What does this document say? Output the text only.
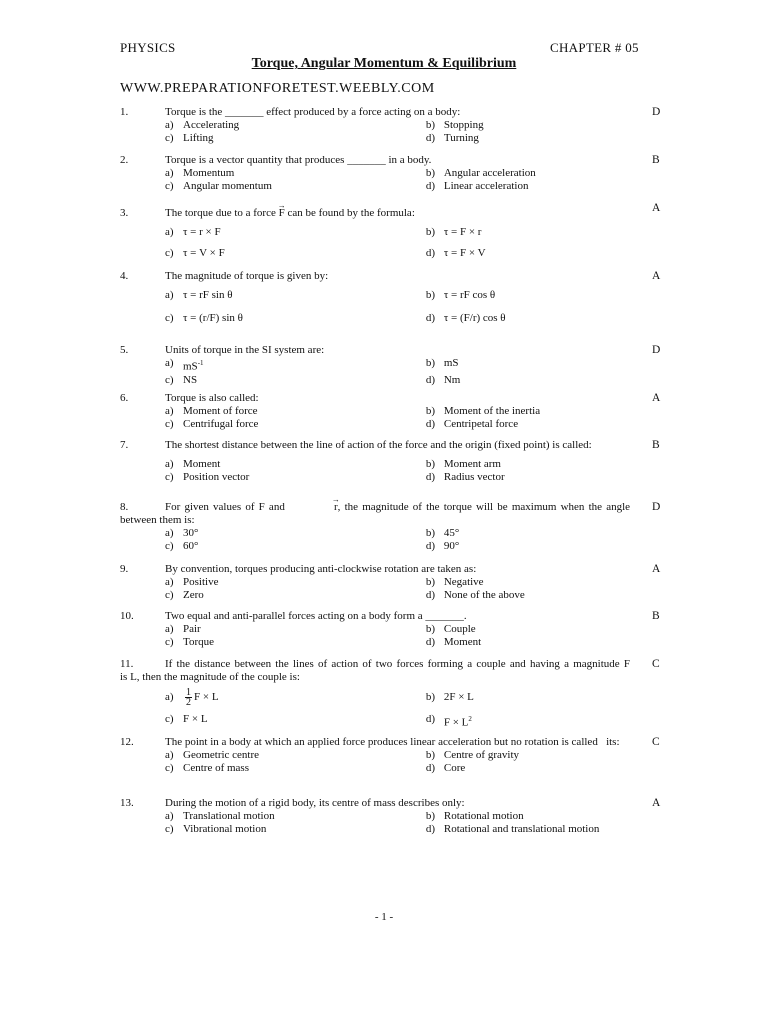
PHYSICS	CHAPTER # 05
Torque, Angular Momentum & Equilibrium
WWW.PREPARATIONFORETEST.WEEBLY.COM
1.	Torque is the _______ effect produced by a force acting on a body:	D
a) Accelerating	b) Stopping
c) Lifting	d) Turning
2.	Torque is a vector quantity that produces _______ in a body.	B
a) Momentum	b) Angular acceleration
c) Angular momentum	d) Linear acceleration
3.	The torque due to a force → F can be found by the formula:	A
a) τ = r × F	b) τ = F × r
c) τ = V × F	d) τ = F × V
4.	The magnitude of torque is given by:	A
a) τ = rF sin θ	b) τ = rF cos θ
c) τ = (r/F) sin θ	d) τ = (F/r) cos θ
5.	Units of torque in the SI system are:	D
a) $mS^{-1}$	b) mS
c) NS	d) Nm
6.	Torque is also called:	A
a) Moment of force	b) Moment of the inertia
c) Centrifugal force	d) Centripetal force
7.	The shortest distance between the line of action of the force and the origin (fixed point) is called:	B
a) Moment	b) Moment arm
c) Position vector	d) Radius vector
8.	For given values of F and	→ r, the magnitude of the torque will be maximum when the angle between them is:
D
a) 30°	b) 45°
c) 60°	d) 90°
9.	By convention, torques producing anti-clockwise rotation are taken as:	A
a) Positive	b) Negative
c) Zero	d) None of the above
10.	Two equal and anti-parallel forces acting on a body form a _______.	B
a) Pair	b) Couple
c) Torque	d) Moment
11.	If the distance between the lines of action of two forces forming a couple and having a magnitude F        is L, then the magnitude of the couple is:
C
a)	$\frac{1}{2}$ F × L	b) 2F × L
c) F × L	d) $F \times L^2$
12.	The point in a body at which an applied force produces linear acceleration but no rotation is called   its:	C
a) Geometric centre	b) Centre of gravity
c) Centre of mass	d) Core
13.	During the motion of a rigid body, its centre of mass describes only:	A
a) Translational motion	b) Rotational motion
c) Vibrational motion	d) Rotational and translational motion
- 1 -
